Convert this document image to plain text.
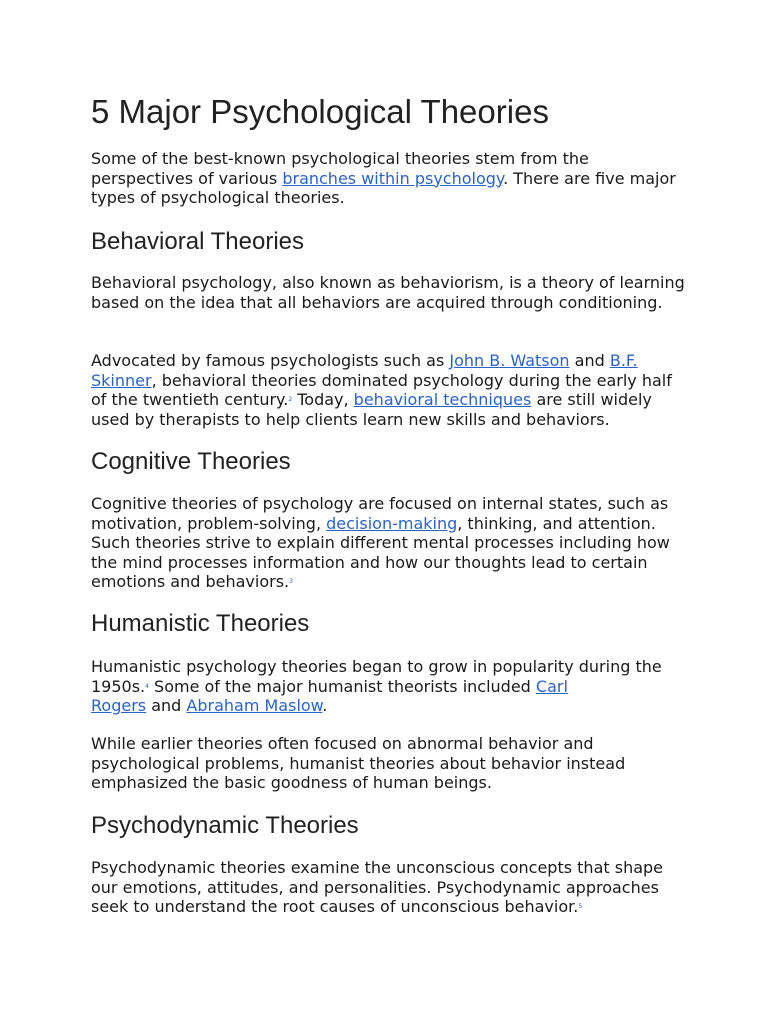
5 Major Psychological Theories

Some of the best-known psychological theories stem from the perspectives of various branches within psychology. There are five major types of psychological theories.

Behavioral Theories

Behavioral psychology, also known as behaviorism, is a theory of learning based on the idea that all behaviors are acquired through conditioning.

Advocated by famous psychologists such as John B. Watson and B.F.
Skinner, behavioral theories dominated psychology during the early half of the twentieth century.$^2$ Today, behavioral techniques are still widely used by therapists to help clients learn new skills and behaviors.

Cognitive Theories

Cognitive theories of psychology are focused on internal states, such as motivation, problem-solving, decision-making, thinking, and attention. Such theories strive to explain different mental processes including how the mind processes information and how our thoughts lead to certain emotions and behaviors.$^3$

Humanistic Theories

Humanistic psychology theories began to grow in popularity during the 1950s.$^4$ Some of the major humanist theorists included Carl
Rogers and Abraham Maslow.

While earlier theories often focused on abnormal behavior and psychological problems, humanist theories about behavior instead emphasized the basic goodness of human beings.

Psychodynamic Theories

Psychodynamic theories examine the unconscious concepts that shape our emotions, attitudes, and personalities. Psychodynamic approaches seek to understand the root causes of unconscious behavior.$^5$
